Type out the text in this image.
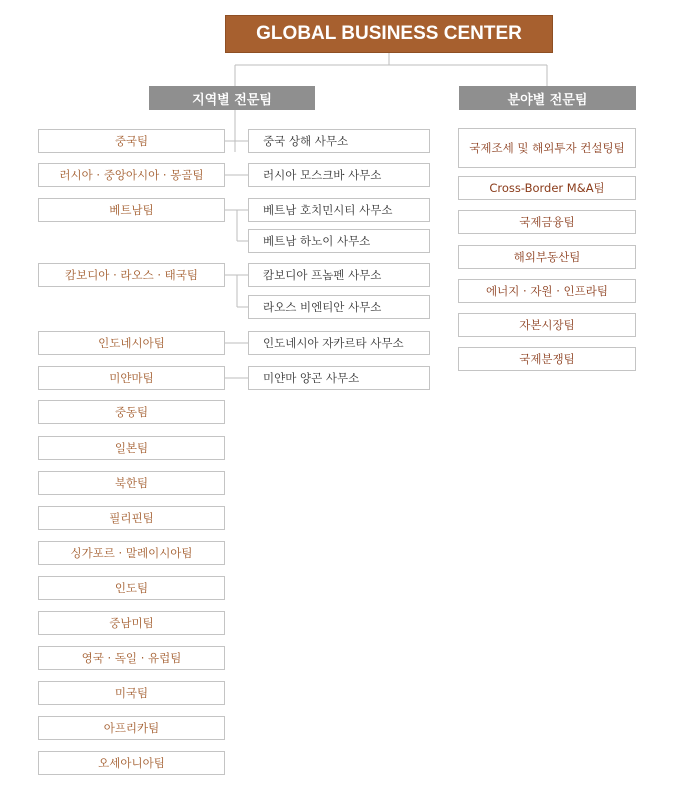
GLOBAL BUSINESS CENTER
지역별 전문팀	분야별 전문팀
중국팀
러시아 · 중앙아시아 · 몽골팀
베트남팀
캄보디아 · 라오스 · 태국팀
인도네시아팀
미얀마팀
중동팀
일본팀
북한팀
필리핀팀
싱가포르 · 말레이시아팀
인도팀
중남미팀
영국 · 독일 · 유럽팀
미국팀
아프리카팀
오세아니아팀
중국 상해 사무소
러시아 모스크바 사무소
베트남 호치민시티 사무소
베트남 하노이 사무소
캄보디아 프놈펜 사무소
라오스 비엔티안 사무소
인도네시아 자카르타 사무소
미얀마 양곤 사무소
국제조세 및 해외투자 컨설팅팀
Cross-Border M&A팀
국제금융팀
해외부동산팀
에너지 · 자원 · 인프라팀
자본시장팀
국제분쟁팀
